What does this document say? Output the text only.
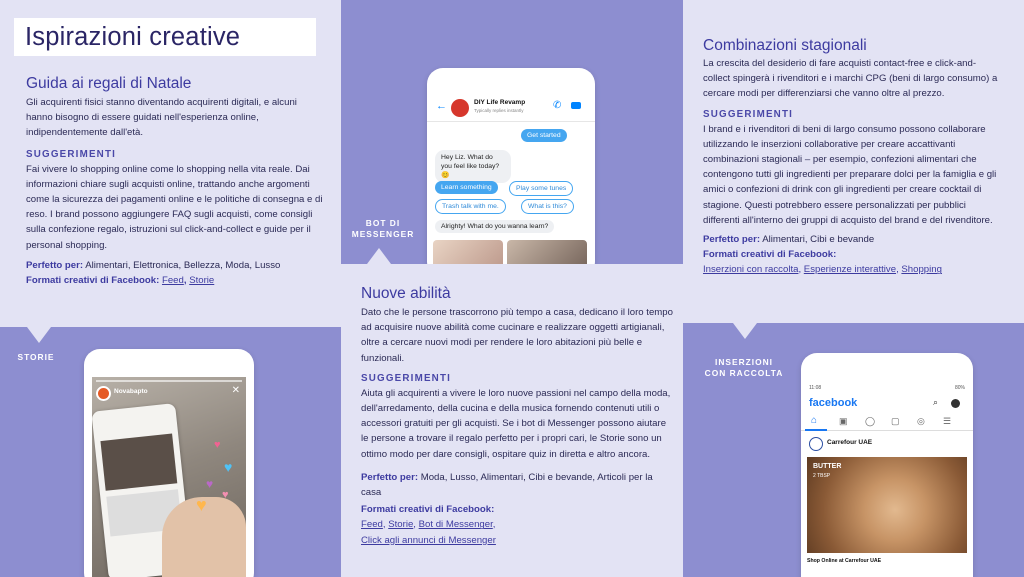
Ispirazioni creative
Guida ai regali di Natale

Gli acquirenti fisici stanno diventando acquirenti digitali, e alcuni hanno bisogno di essere guidati nell'esperienza online, indipendentemente dall'età.

SUGGERIMENTI

Fai vivere lo shopping online come lo shopping nella vita reale. Dai informazioni chiare sugli acquisti online, trattando anche argomenti come la sicurezza dei pagamenti online e le politiche di consegna e di reso. I brand possono aggiungere FAQ sugli acquisti, come consigli sulla confezione regalo, istruzioni sul click-and-collect e guide per il personal shopping.

Perfetto per: Alimentari, Elettronica, Bellezza, Moda, Lusso

Formati creativi di Facebook: Feed, Storie

STORIE
Novabapto	✕
♥
♥
♥
♥ ♥
BOT DI
MESSENGER
←	DIY Life Revamp
Typically replies instantly	✆
Get started
Hey Liz. What do you feel like today? 😊
Learn something	Play some tunes
Trash talk with me.	What is this?
Alrighty! What do you wanna learn?
Nuove abilità

Dato che le persone trascorrono più tempo a casa, dedicano il loro tempo ad acquisire nuove abilità come cucinare e realizzare oggetti artigianali, oltre a cercare nuovi modi per rendere le loro abitazioni più belle e funzionali.

SUGGERIMENTI

Aiuta gli acquirenti a vivere le loro nuove passioni nel campo della moda, dell'arredamento, della cucina e della musica fornendo contenuti utili o accessori gratuiti per gli acquisti. Se i bot di Messenger possono aiutare le persone a trovare il regalo perfetto per i propri cari, le Storie sono un ottimo modo per dare consigli, ospitare quiz in diretta e altro ancora.

Perfetto per: Moda, Lusso, Alimentari, Cibi e bevande, Articoli per la casa

Formati creativi di Facebook:

Feed, Storie, Bot di Messenger,
Click agli annunci di Messenger

Combinazioni stagionali

La crescita del desiderio di fare acquisti contact-free e click-and-collect spingerà i rivenditori e i marchi CPG (beni di largo consumo) a cercare modi per differenziarsi che vanno oltre al prezzo.

SUGGERIMENTI

I brand e i rivenditori di beni di largo consumo possono collaborare utilizzando le inserzioni collaborative per creare accattivanti combinazioni stagionali – per esempio, confezioni alimentari che contengono tutti gli ingredienti per preparare dolci per la famiglia e gli amici o confezioni di drink con gli ingredienti per creare cocktail di stagione. Questi potrebbero essere personalizzati per pubblici differenti all'interno dei gruppi di acquisto del brand e del rivenditore.

Perfetto per: Alimentari, Cibi e bevande

Formati creativi di Facebook:

Inserzioni con raccolta, Esperienze interattive, Shopping

INSERZIONI
CON RACCOLTA
11:08	80%
facebook	⌕
⌂ ▣ ◯ ▢ ◎ ☰
Carrefour UAE
BUTTER
2 TBSP
Shop Online at Carrefour UAE
